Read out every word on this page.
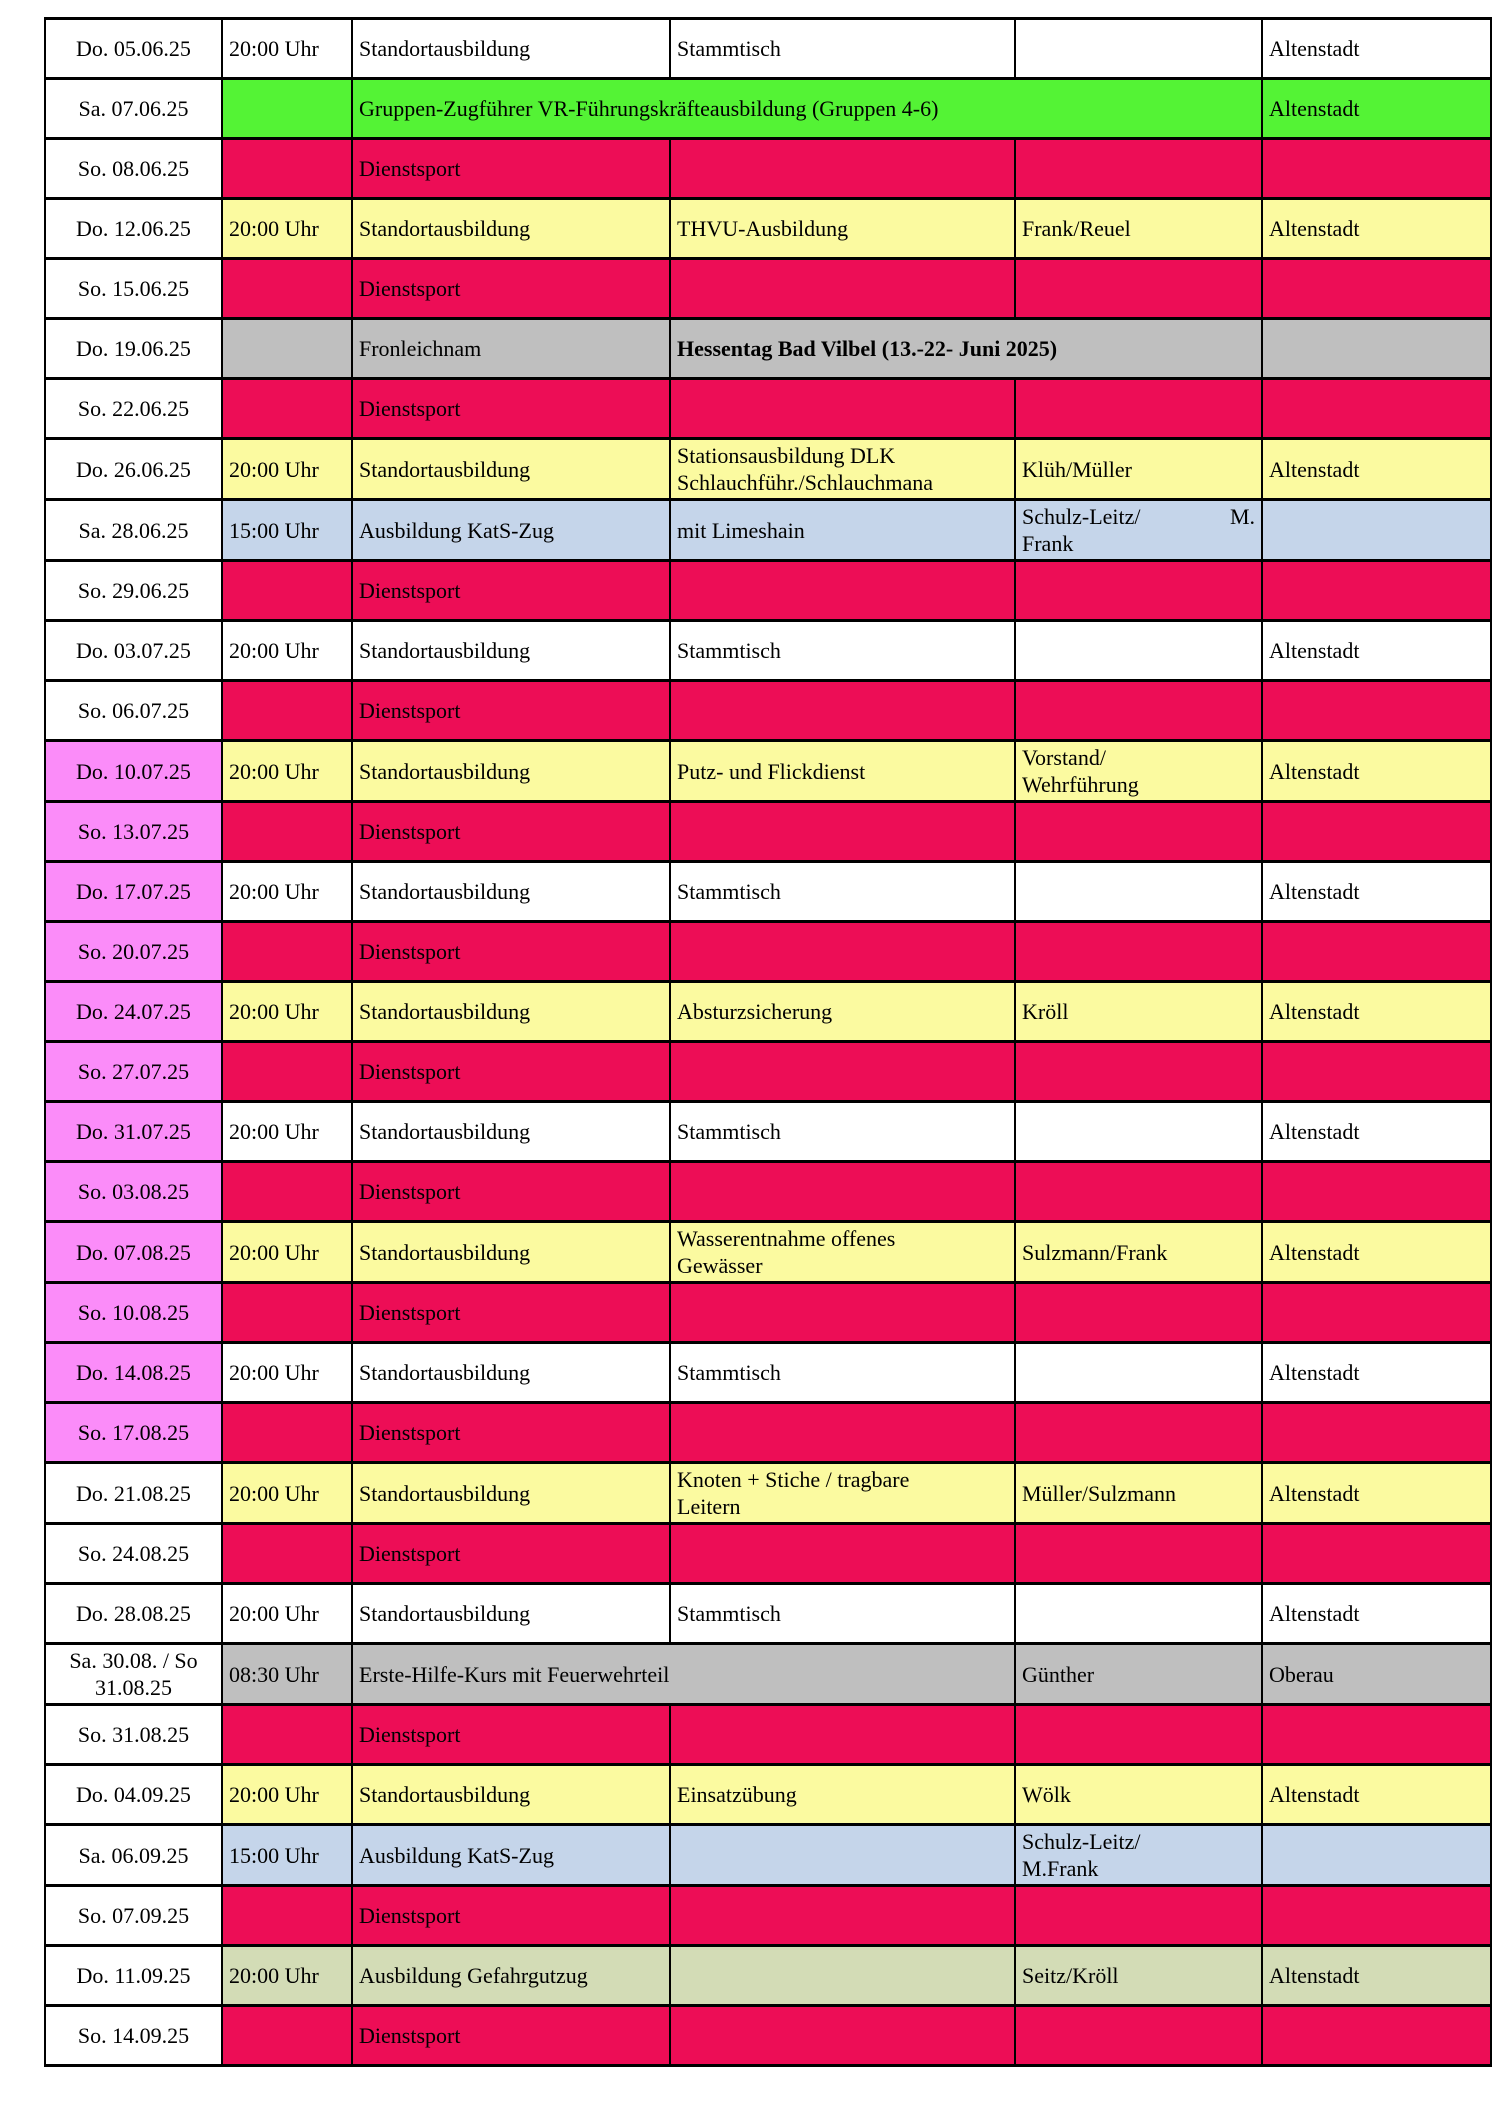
Do. 05.06.25	20:00 Uhr	Standortausbildung	Stammtisch		Altenstadt

Sa. 07.06.25		Gruppen-Zugführer VR-Führungskräfteausbildung (Gruppen 4-6)			Altenstadt

So. 08.06.25		Dienstsport			

Do. 12.06.25	20:00 Uhr	Standortausbildung	THVU-Ausbildung	Frank/Reuel	Altenstadt

So. 15.06.25		Dienstsport			

Do. 19.06.25		Fronleichnam	Hessentag Bad Vilbel (13.-22- Juni 2025)		

So. 22.06.25		Dienstsport			

Do. 26.06.25	20:00 Uhr	Standortausbildung	Stationsausbildung DLK
Schlauchführ./Schlauchmana	Klüh/Müller	Altenstadt

Sa. 28.06.25	15:00 Uhr	Ausbildung KatS-Zug	mit Limeshain	Schulz-Leitz/ M.
Frank	

So. 29.06.25		Dienstsport			

Do. 03.07.25	20:00 Uhr	Standortausbildung	Stammtisch		Altenstadt

So. 06.07.25		Dienstsport			

Do. 10.07.25	20:00 Uhr	Standortausbildung	Putz- und Flickdienst	Vorstand/
Wehrführung	Altenstadt

So. 13.07.25		Dienstsport			

Do. 17.07.25	20:00 Uhr	Standortausbildung	Stammtisch		Altenstadt

So. 20.07.25		Dienstsport			

Do. 24.07.25	20:00 Uhr	Standortausbildung	Absturzsicherung	Kröll	Altenstadt

So. 27.07.25		Dienstsport			

Do. 31.07.25	20:00 Uhr	Standortausbildung	Stammtisch		Altenstadt

So. 03.08.25		Dienstsport			

Do. 07.08.25	20:00 Uhr	Standortausbildung	Wasserentnahme offenes
Gewässer	Sulzmann/Frank	Altenstadt

So. 10.08.25		Dienstsport			

Do. 14.08.25	20:00 Uhr	Standortausbildung	Stammtisch		Altenstadt

So. 17.08.25		Dienstsport			

Do. 21.08.25	20:00 Uhr	Standortausbildung	Knoten + Stiche / tragbare
Leitern	Müller/Sulzmann	Altenstadt

So. 24.08.25		Dienstsport			

Do. 28.08.25	20:00 Uhr	Standortausbildung	Stammtisch		Altenstadt

Sa. 30.08. / So
31.08.25	08:30 Uhr	Erste-Hilfe-Kurs mit Feuerwehrteil		Günther	Oberau

So. 31.08.25		Dienstsport			

Do. 04.09.25	20:00 Uhr	Standortausbildung	Einsatzübung	Wölk	Altenstadt

Sa. 06.09.25	15:00 Uhr	Ausbildung KatS-Zug		Schulz-Leitz/
M.Frank	

So. 07.09.25		Dienstsport			

Do. 11.09.25	20:00 Uhr	Ausbildung Gefahrgutzug		Seitz/Kröll	Altenstadt

So. 14.09.25		Dienstsport			
